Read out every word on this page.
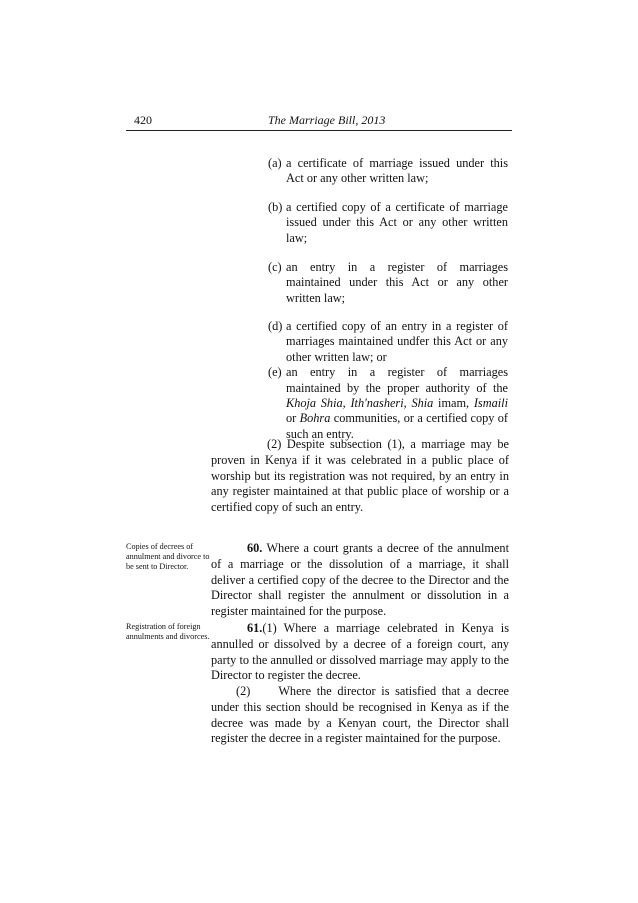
420	The Marriage Bill, 2013

(a) a certificate of marriage issued under this Act or any other written law;

(b) a certified copy of a certificate of marriage issued under this Act or any other written law;

(c) an entry in a register of marriages maintained under this Act or any other written law;

(d) a certified copy of an entry in a register of marriages maintained undfer this Act or any other written law; or

(e) an entry in a register of marriages maintained by the proper authority of the Khoja Shia, Ith'nasheri, Shia imam, Ismaili or Bohra communities, or a certified copy of such an entry.

(2) Despite subsection (1), a marriage may be proven in Kenya if it was celebrated in a public place of worship but its registration was not required, by an entry in any register maintained at that public place of worship or a certified copy of such an entry.

Copies of decrees of annulment and divorce to be sent to Director.

60. Where a court grants a decree of the annulment of a marriage or the dissolution of a marriage, it shall deliver a certified copy of the decree to the Director and the Director shall register the annulment or dissolution in a register maintained for the purpose.

Registration of foreign annulments and divorces.

61.(1) Where a marriage celebrated in Kenya is annulled or dissolved by a decree of a foreign court, any party to the annulled or dissolved marriage may apply to the Director to register the decree.

(2) Where the director is satisfied that a decree under this section should be recognised in Kenya as if the decree was made by a Kenyan court, the Director shall register the decree in a register maintained for the purpose.
